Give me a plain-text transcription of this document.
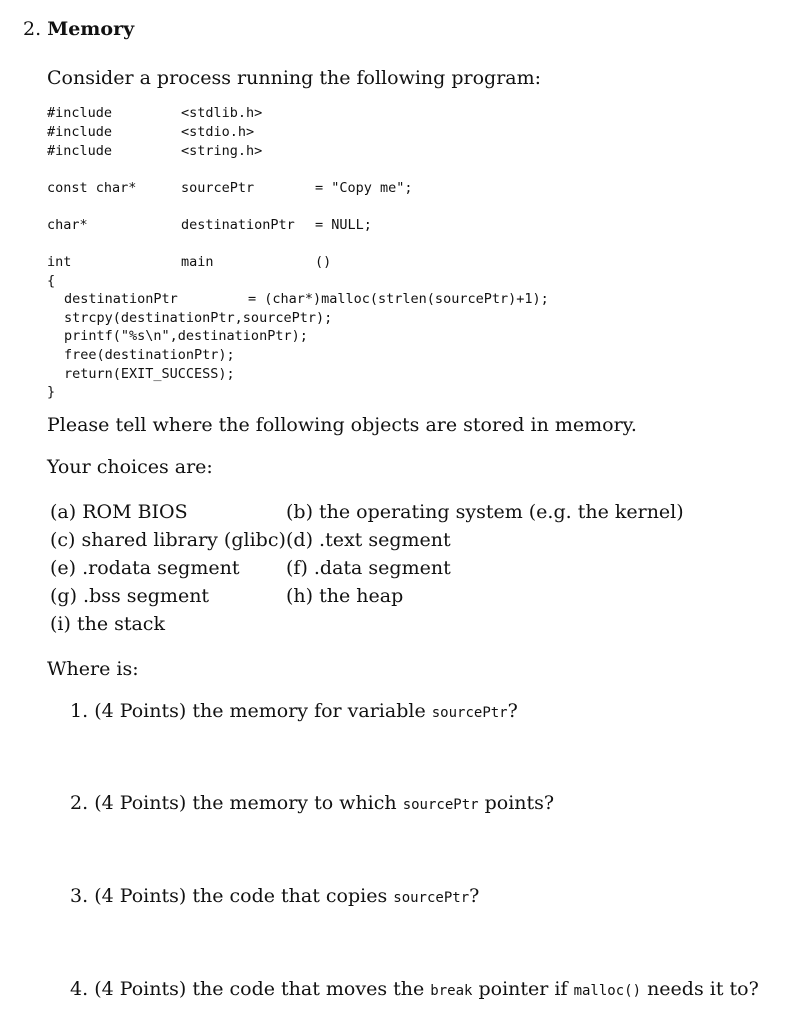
2. Memory
Consider a process running the following program:
#include	<stdlib.h>
#include	<stdio.h>
#include	<string.h>
const char*	sourcePtr	= "Copy me";
char*	destinationPtr = NULL;
int	main	()
{
destinationPtr	= (char*)malloc(strlen(sourcePtr)+1);
strcpy(destinationPtr,sourcePtr);
printf("%s\n",destinationPtr);
free(destinationPtr);
return(EXIT_SUCCESS);
}
Please tell where the following objects are stored in memory.
Your choices are:
(a) ROM BIOS	(b) the operating system (e.g. the kernel)
(c) shared library (glibc) (d) .text segment
(e) .rodata segment (f) .data segment
(g) .bss segment	(h) the heap
(i) the stack
Where is:
1. (4 Points) the memory for variable sourcePtr?
2. (4 Points) the memory to which sourcePtr points?
3. (4 Points) the code that copies sourcePtr?
4. (4 Points) the code that moves the break pointer if malloc() needs it to?
